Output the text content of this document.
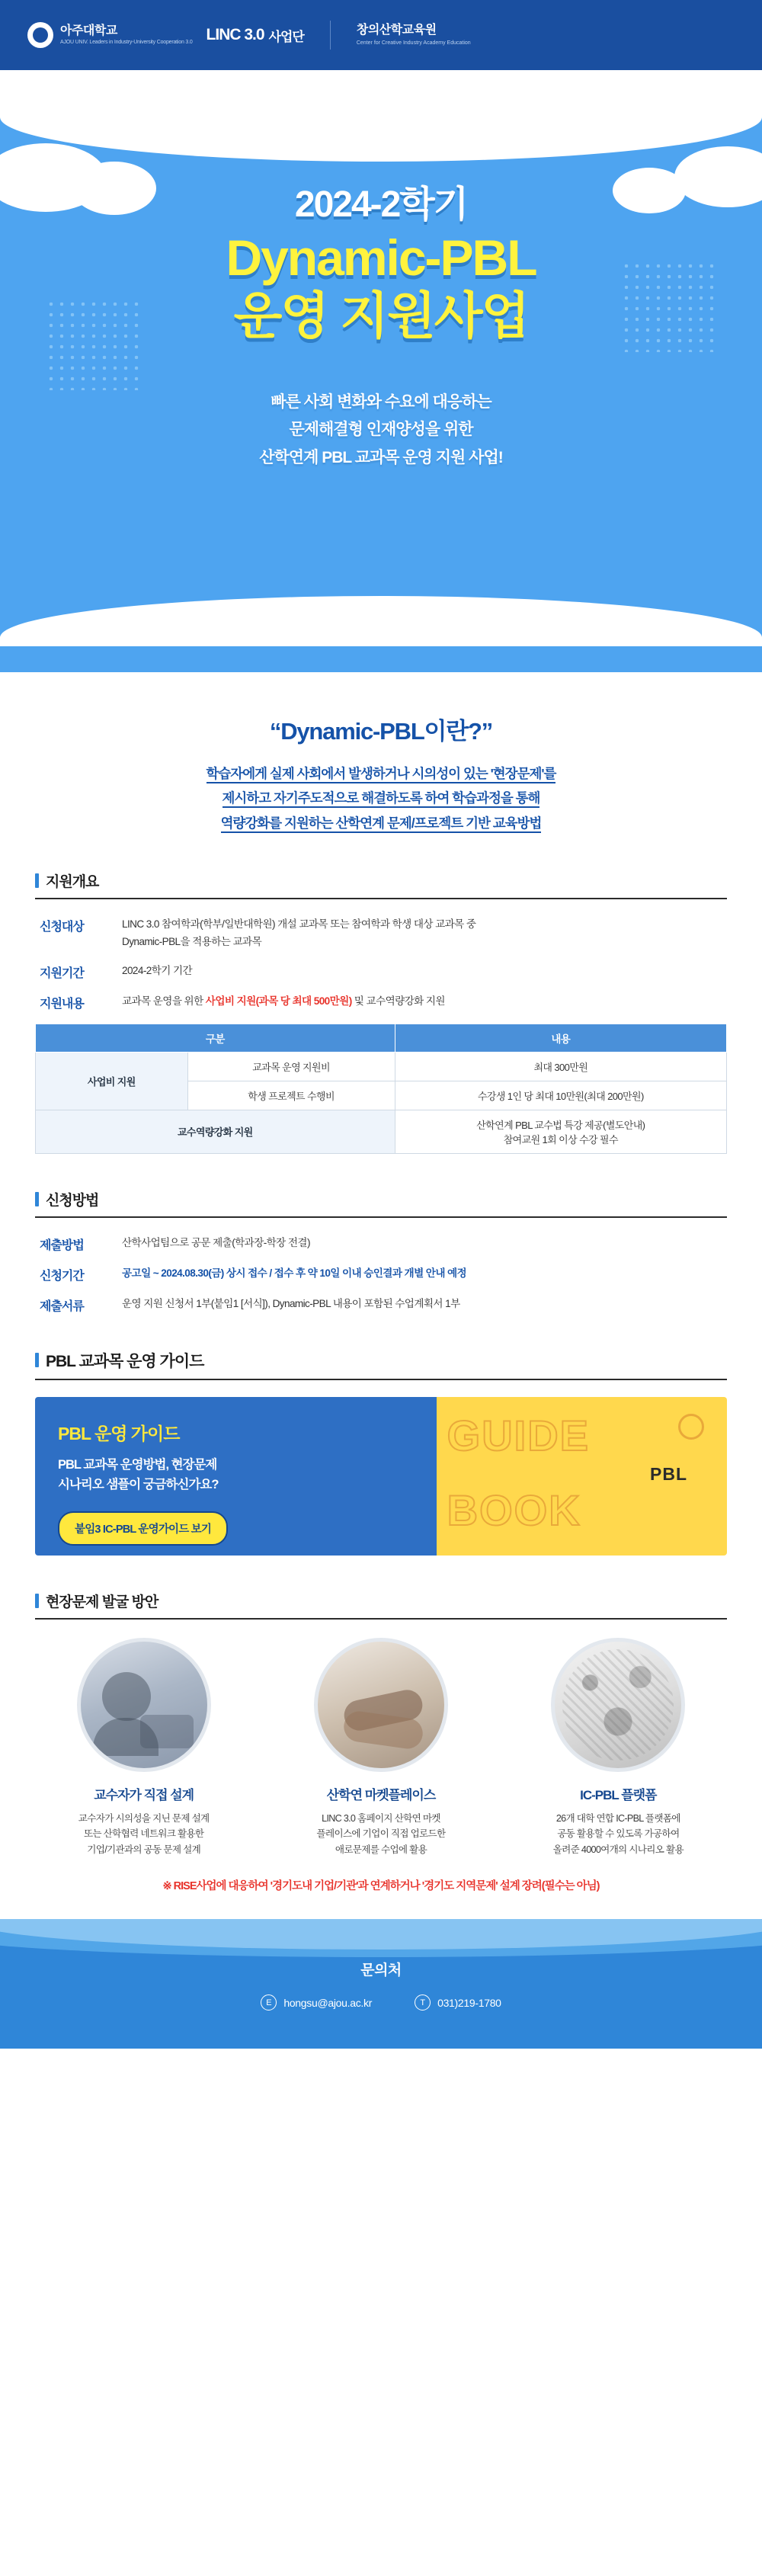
아주대학교
AJOU UNIV. Leaders in Industry-University Cooperation 3.0 LINC 3.0 사업단	창의산학교육원
Center for Creative Industry Academy Education
2024-2학기
Dynamic-PBL
운영 지원사업
빠른 사회 변화와 수요에 대응하는
문제해결형 인재양성을 위한
산학연계 PBL 교과목 운영 지원 사업!
“Dynamic-PBL이란?”
학습자에게 실제 사회에서 발생하거나 시의성이 있는 '현장문제'를
제시하고 자기주도적으로 해결하도록 하여 학습과정을 통해
역량강화를 지원하는 산학연계 문제/프로젝트 기반 교육방법
지원개요
신청대상	LINC 3.0 참여학과(학부/일반대학원) 개설 교과목 또는 참여학과 학생 대상 교과목 중
Dynamic-PBL을 적용하는 교과목
지원기간	2024-2학기 기간
지원내용	교과목 운영을 위한 사업비 지원(과목 당 최대 500만원) 및 교수역량강화 지원
구분		내용
사업비 지원	교과목 운영 지원비	최대 300만원
	학생 프로젝트 수행비	수강생 1인 당 최대 10만원(최대 200만원)
교수역량강화 지원		산학연계 PBL 교수법 특강 제공(별도안내)
참여교원 1회 이상 수강 필수
신청방법
제출방법	산학사업팀으로 공문 제출(학과장-학장 전결)
신청기간	공고일 ~ 2024.08.30(금) 상시 접수 / 접수 후 약 10일 이내 승인결과 개별 안내 예정
제출서류	운영 지원 신청서 1부(붙임1 [서식]), Dynamic-PBL 내용이 포함된 수업계획서 1부
PBL 교과목 운영 가이드
PBL 운영 가이드

PBL 교과목 운영방법, 현장문제
시나리오 샘플이 궁금하신가요?

붙임3 IC-PBL 운영가이드 보기
GUIDE
BOOK
PBL
현장문제 발굴 방안
교수자가 직접 설계

교수자가 시의성을 지닌 문제 설계
또는 산학협력 네트워크 활용한
기업/기관과의 공동 문제 설계

산학연 마켓플레이스

LINC 3.0 홈페이지 산학연 마켓
플레이스에 기업이 직접 업로드한
애로문제를 수업에 활용

IC-PBL 플랫폼

26개 대학 연합 IC-PBL 플랫폼에
공동 활용할 수 있도록 가공하여
올려준 4000여개의 시나리오 활용

※ RISE사업에 대응하여 '경기도내 기업/기관'과 연계하거나 '경기도 지역문제' 설계 장려(필수는 아님)
문의처
E	hongsu@ajou.ac.kr	T	031)219-1780
